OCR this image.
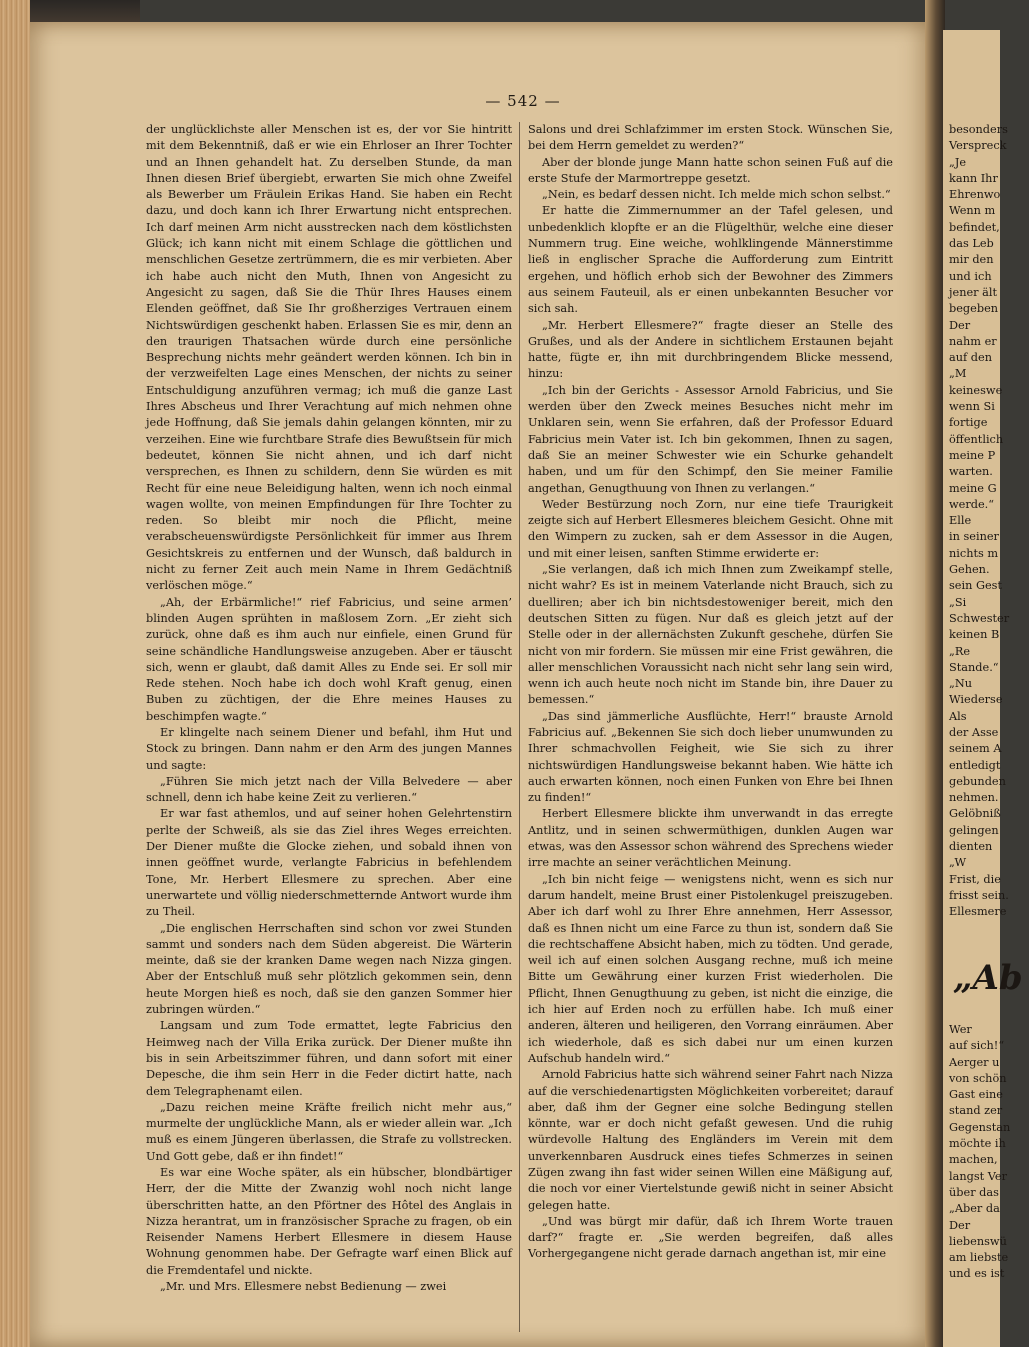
— 542 —

der unglücklichste aller Menschen ist es, der vor Sie hintritt mit dem Bekenntniß, daß er wie ein Ehrloser an Ihrer Tochter und an Ihnen gehandelt hat. Zu derselben Stunde, da man Ihnen diesen Brief übergiebt, erwarten Sie mich ohne Zweifel als Bewerber um Fräulein Erikas Hand. Sie haben ein Recht dazu, und doch kann ich Ihrer Erwartung nicht entsprechen. Ich darf meinen Arm nicht ausstrecken nach dem köstlichsten Glück; ich kann nicht mit einem Schlage die göttlichen und menschlichen Gesetze zertrümmern, die es mir verbieten. Aber ich habe auch nicht den Muth, Ihnen von Angesicht zu Angesicht zu sagen, daß Sie die Thür Ihres Hauses einem Elenden geöffnet, daß Sie Ihr großherziges Vertrauen einem Nichtswürdigen geschenkt haben. Erlassen Sie es mir, denn an den traurigen Thatsachen würde durch eine persönliche Besprechung nichts mehr geändert werden können. Ich bin in der verzweifelten Lage eines Menschen, der nichts zu seiner Entschuldigung anzuführen vermag; ich muß die ganze Last Ihres Abscheus und Ihrer Verachtung auf mich nehmen ohne jede Hoffnung, daß Sie jemals dahin gelangen könnten, mir zu verzeihen. Eine wie furchtbare Strafe dies Bewußtsein für mich bedeutet, können Sie nicht ahnen, und ich darf nicht versprechen, es Ihnen zu schildern, denn Sie würden es mit Recht für eine neue Beleidigung halten, wenn ich noch einmal wagen wollte, von meinen Empfindungen für Ihre Tochter zu reden. So bleibt mir noch die Pflicht, meine verabscheuenswürdigste Persönlichkeit für immer aus Ihrem Gesichtskreis zu entfernen und der Wunsch, daß baldurch in nicht zu ferner Zeit auch mein Name in Ihrem Gedächtniß verlöschen möge.“

„Ah, der Erbärmliche!“ rief Fabricius, und seine armen’ blinden Augen sprühten in maßlosem Zorn. „Er zieht sich zurück, ohne daß es ihm auch nur einfiele, einen Grund für seine schändliche Handlungsweise anzugeben. Aber er täuscht sich, wenn er glaubt, daß damit Alles zu Ende sei. Er soll mir Rede stehen. Noch habe ich doch wohl Kraft genug, einen Buben zu züchtigen, der die Ehre meines Hauses zu beschimpfen wagte.“

Er klingelte nach seinem Diener und befahl, ihm Hut und Stock zu bringen. Dann nahm er den Arm des jungen Mannes und sagte:

„Führen Sie mich jetzt nach der Villa Belvedere — aber schnell, denn ich habe keine Zeit zu verlieren.“

Er war fast athemlos, und auf seiner hohen Gelehrtenstirn perlte der Schweiß, als sie das Ziel ihres Weges erreichten. Der Diener mußte die Glocke ziehen, und sobald ihnen von innen geöffnet wurde, verlangte Fabricius in befehlendem Tone, Mr. Herbert Ellesmere zu sprechen. Aber eine unerwartete und völlig niederschmetternde Antwort wurde ihm zu Theil.

„Die englischen Herrschaften sind schon vor zwei Stunden sammt und sonders nach dem Süden abgereist. Die Wärterin meinte, daß sie der kranken Dame wegen nach Nizza gingen. Aber der Entschluß muß sehr plötzlich gekommen sein, denn heute Morgen hieß es noch, daß sie den ganzen Sommer hier zubringen würden.“

Langsam und zum Tode ermattet, legte Fabricius den Heimweg nach der Villa Erika zurück. Der Diener mußte ihn bis in sein Arbeitszimmer führen, und dann sofort mit einer Depesche, die ihm sein Herr in die Feder dictirt hatte, nach dem Telegraphenamt eilen.

„Dazu reichen meine Kräfte freilich nicht mehr aus,“ murmelte der unglückliche Mann, als er wieder allein war. „Ich muß es einem Jüngeren überlassen, die Strafe zu vollstrecken. Und Gott gebe, daß er ihn findet!“

Es war eine Woche später, als ein hübscher, blondbärtiger Herr, der die Mitte der Zwanzig wohl noch nicht lange überschritten hatte, an den Pförtner des Hôtel des Anglais in Nizza herantrat, um in französischer Sprache zu fragen, ob ein Reisender Namens Herbert Ellesmere in diesem Hause Wohnung genommen habe. Der Gefragte warf einen Blick auf die Fremdentafel und nickte.

„Mr. und Mrs. Ellesmere nebst Bedienung — zwei

Salons und drei Schlafzimmer im ersten Stock. Wünschen Sie, bei dem Herrn gemeldet zu werden?“

Aber der blonde junge Mann hatte schon seinen Fuß auf die erste Stufe der Marmortreppe gesetzt.

„Nein, es bedarf dessen nicht. Ich melde mich schon selbst.“

Er hatte die Zimmernummer an der Tafel gelesen, und unbedenklich klopfte er an die Flügelthür, welche eine dieser Nummern trug. Eine weiche, wohlklingende Männerstimme ließ in englischer Sprache die Aufforderung zum Eintritt ergehen, und höflich erhob sich der Bewohner des Zimmers aus seinem Fauteuil, als er einen unbekannten Besucher vor sich sah.

„Mr. Herbert Ellesmere?“ fragte dieser an Stelle des Grußes, und als der Andere in sichtlichem Erstaunen bejaht hatte, fügte er, ihn mit durchbringendem Blicke messend, hinzu:

„Ich bin der Gerichts - Assessor Arnold Fabricius, und Sie werden über den Zweck meines Besuches nicht mehr im Unklaren sein, wenn Sie erfahren, daß der Professor Eduard Fabricius mein Vater ist. Ich bin gekommen, Ihnen zu sagen, daß Sie an meiner Schwester wie ein Schurke gehandelt haben, und um für den Schimpf, den Sie meiner Familie angethan, Genugthuung von Ihnen zu verlangen.“

Weder Bestürzung noch Zorn, nur eine tiefe Traurigkeit zeigte sich auf Herbert Ellesmeres bleichem Gesicht. Ohne mit den Wimpern zu zucken, sah er dem Assessor in die Augen, und mit einer leisen, sanften Stimme erwiderte er:

„Sie verlangen, daß ich mich Ihnen zum Zweikampf stelle, nicht wahr? Es ist in meinem Vaterlande nicht Brauch, sich zu duelliren; aber ich bin nichtsdestoweniger bereit, mich den deutschen Sitten zu fügen. Nur daß es gleich jetzt auf der Stelle oder in der allernächsten Zukunft geschehe, dürfen Sie nicht von mir fordern. Sie müssen mir eine Frist gewähren, die aller menschlichen Voraussicht nach nicht sehr lang sein wird, wenn ich auch heute noch nicht im Stande bin, ihre Dauer zu bemessen.“

„Das sind jämmerliche Ausflüchte, Herr!“ brauste Arnold Fabricius auf. „Bekennen Sie sich doch lieber unumwunden zu Ihrer schmachvollen Feigheit, wie Sie sich zu ihrer nichtswürdigen Handlungsweise bekannt haben. Wie hätte ich auch erwarten können, noch einen Funken von Ehre bei Ihnen zu finden!“

Herbert Ellesmere blickte ihm unverwandt in das erregte Antlitz, und in seinen schwermüthigen, dunklen Augen war etwas, was den Assessor schon während des Sprechens wieder irre machte an seiner verächtlichen Meinung.

„Ich bin nicht feige — wenigstens nicht, wenn es sich nur darum handelt, meine Brust einer Pistolenkugel preiszugeben. Aber ich darf wohl zu Ihrer Ehre annehmen, Herr Assessor, daß es Ihnen nicht um eine Farce zu thun ist, sondern daß Sie die rechtschaffene Absicht haben, mich zu tödten. Und gerade, weil ich auf einen solchen Ausgang rechne, muß ich meine Bitte um Gewährung einer kurzen Frist wiederholen. Die Pflicht, Ihnen Genugthuung zu geben, ist nicht die einzige, die ich hier auf Erden noch zu erfüllen habe. Ich muß einer anderen, älteren und heiligeren, den Vorrang einräumen. Aber ich wiederhole, daß es sich dabei nur um einen kurzen Aufschub handeln wird.“

Arnold Fabricius hatte sich während seiner Fahrt nach Nizza auf die verschiedenartigsten Möglichkeiten vorbereitet; darauf aber, daß ihm der Gegner eine solche Bedingung stellen könnte, war er doch nicht gefaßt gewesen. Und die ruhig würdevolle Haltung des Engländers im Verein mit dem unverkennbaren Ausdruck eines tiefes Schmerzes in seinen Zügen zwang ihn fast wider seinen Willen eine Mäßigung auf, die noch vor einer Viertelstunde gewiß nicht in seiner Absicht gelegen hatte.

„Und was bürgt mir dafür, daß ich Ihrem Worte trauen darf?“ fragte er. „Sie werden begreifen, daß alles Vorhergegangene nicht gerade darnach angethan ist, mir eine

besonders
Verspreck
„Je
kann Ihr
Ehrenwo
Wenn m
befindet,
das Leb
mir den
und ich
jener ält
begeben
Der
nahm er
auf den
„M
keineswe
wenn Si
fortige
öffentlich
meine P
warten.
meine G
werde.“
Elle
in seiner
nichts m
Gehen.
sein Gest
„Si
Schwester
keinen B
„Re
Stande.“
„Nu
Wiederse
Als
der Asse
seinem A
entledigt
gebunden
nehmen.
Gelöbniß
gelingen
dienten
„W
Frist, die
frisst sein.
Ellesmere
„Ab
Wer
auf sich!“
Aerger u
von schön
Gast eine
stand zer
Gegenstan
möchte ih
machen,
langst Ver
über das
„Aber da
Der
liebenswü
am liebste
und es ist
